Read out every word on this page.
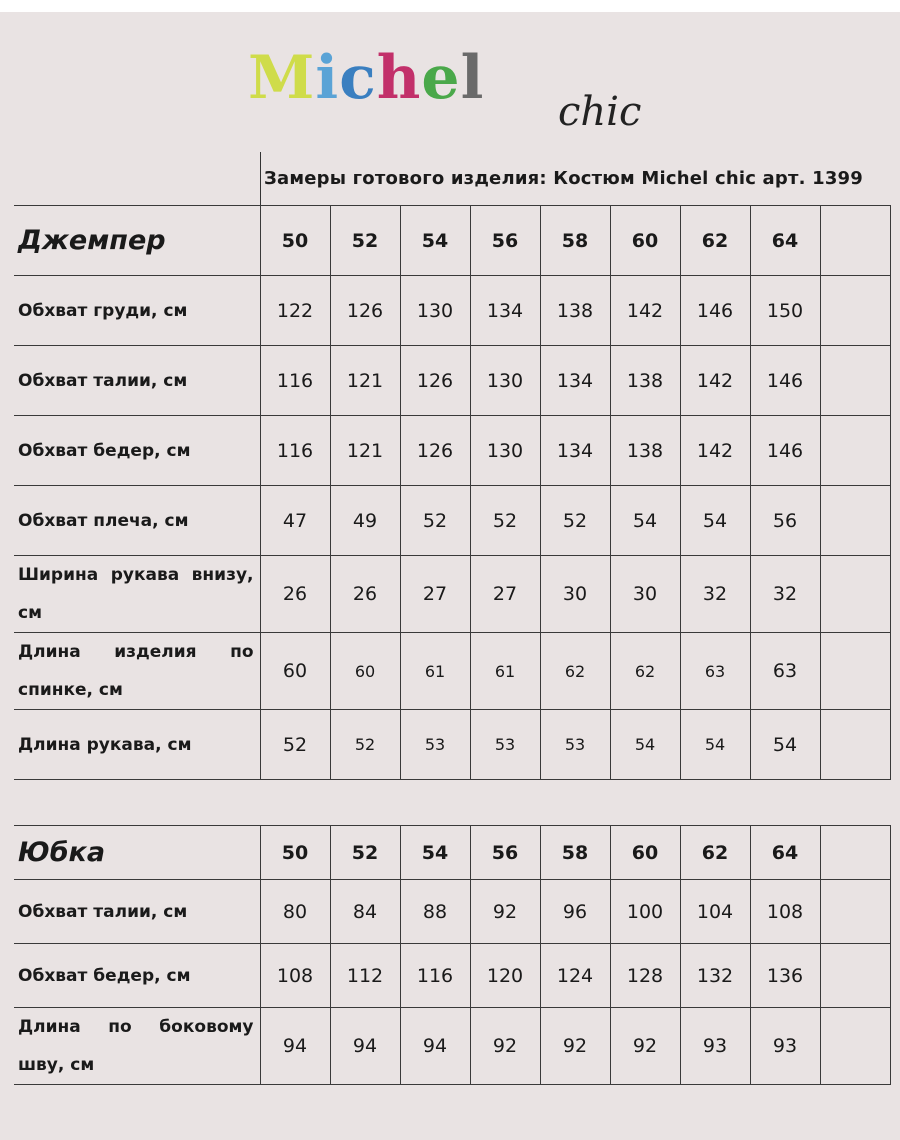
Michel chic
Замеры готового изделия: Костюм Michel chic арт. 1399
Джемпер	50	52	54	56	58	60	62	64	
Обхват груди, см	122	126	130	134	138	142	146	150	
Обхват талии, см	116	121	126	130	134	138	142	146	
Обхват бедер, см	116	121	126	130	134	138	142	146	
Обхват плеча, см	47	49	52	52	52	54	54	56	
Ширина рукава внизу, см	26	26	27	27	30	30	32	32	
Длина изделия по спинке, см	60	60	61	61	62	62	63	63	
Длина рукава, см	52	52	53	53	53	54	54	54	
Юбка	50	52	54	56	58	60	62	64	
Обхват талии, см	80	84	88	92	96	100	104	108	
Обхват бедер, см	108	112	116	120	124	128	132	136	
Длина по боковому шву, см	94	94	94	92	92	92	93	93	
